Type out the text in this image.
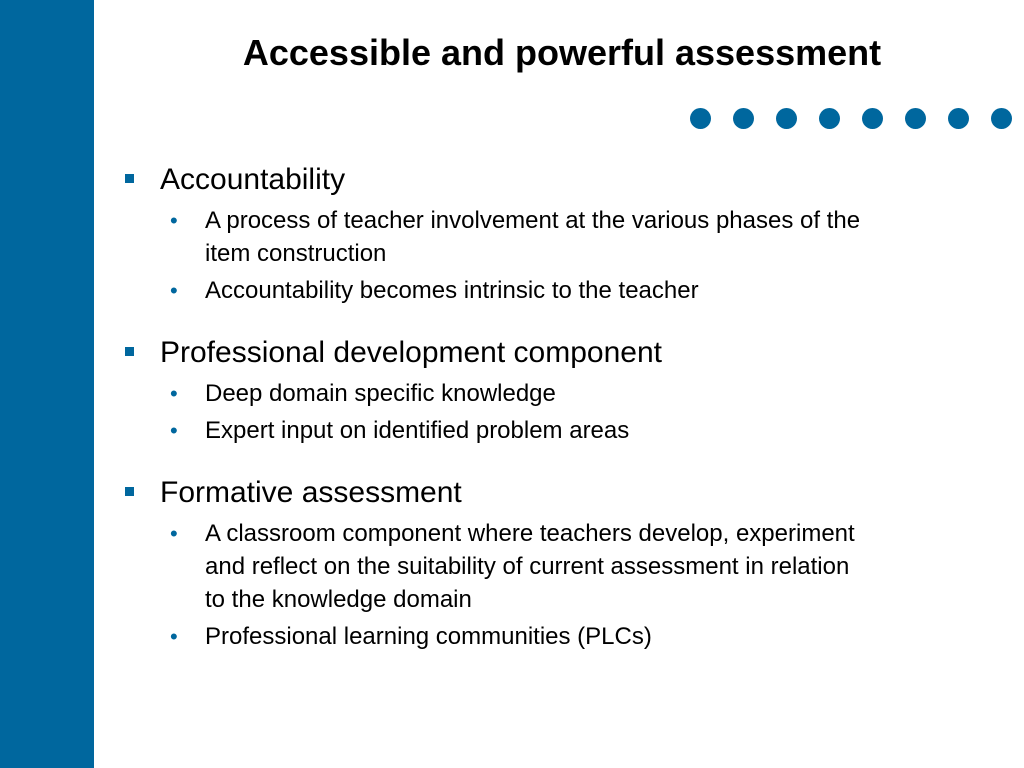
Accessible and powerful assessment

Accountability

• A process of teacher involvement at the various phases of the item construction
• Accountability becomes intrinsic to the teacher

Professional development component

• Deep domain specific knowledge
• Expert input on identified problem areas

Formative assessment

• A classroom component where teachers develop, experiment and reflect on the suitability of current assessment in relation to the knowledge domain
• Professional learning communities (PLCs)
